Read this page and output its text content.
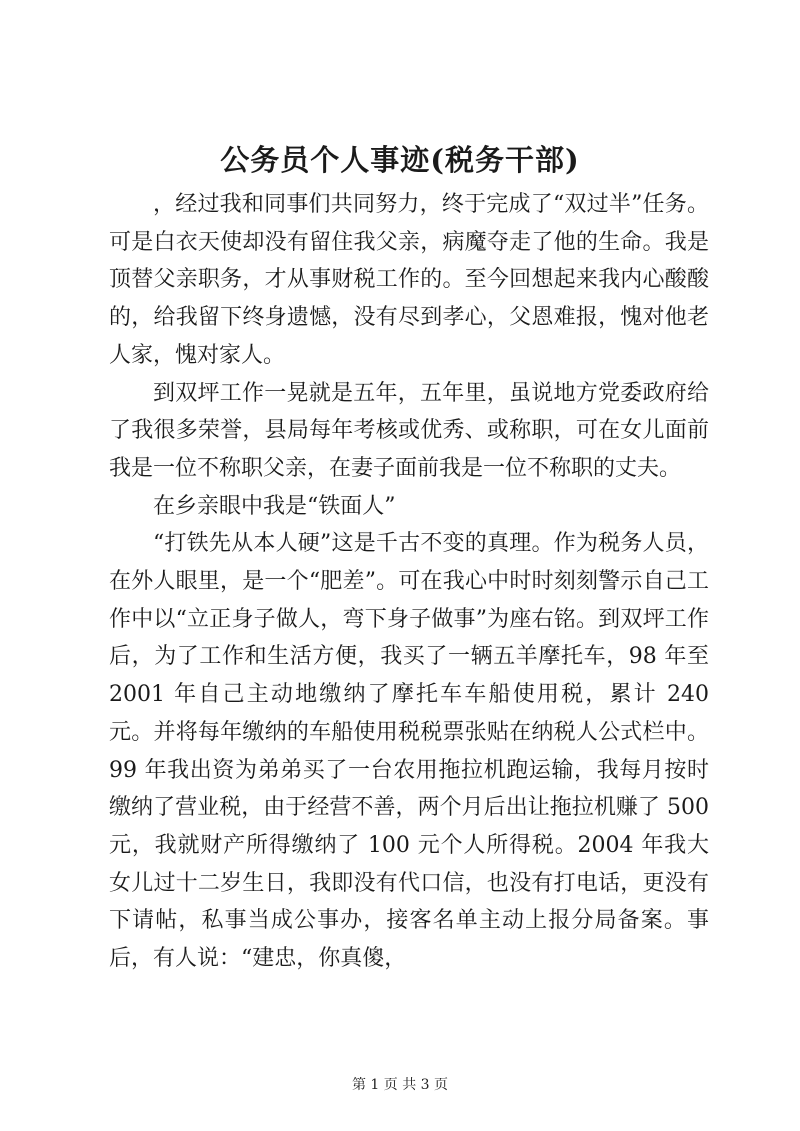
公务员个人事迹(税务干部)

，经过我和同事们共同努力，终于完成了“双过半”任务。可是白衣天使却没有留住我父亲，病魔夺走了他的生命。我是顶替父亲职务，才从事财税工作的。至今回想起来我内心酸酸的，给我留下终身遗憾，没有尽到孝心，父恩难报，愧对他老人家，愧对家人。

到双坪工作一晃就是五年，五年里，虽说地方党委政府给了我很多荣誉，县局每年考核或优秀、或称职，可在女儿面前我是一位不称职父亲，在妻子面前我是一位不称职的丈夫。

在乡亲眼中我是“铁面人”

“打铁先从本人硬”这是千古不变的真理。作为税务人员，在外人眼里，是一个“肥差”。可在我心中时时刻刻警示自己工作中以“立正身子做人，弯下身子做事”为座右铭。到双坪工作后，为了工作和生活方便，我买了一辆五羊摩托车，98 年至 2001 年自己主动地缴纳了摩托车车船使用税，累计 240 元。并将每年缴纳的车船使用税税票张贴在纳税人公式栏中。99 年我出资为弟弟买了一台农用拖拉机跑运输，我每月按时缴纳了营业税，由于经营不善，两个月后出让拖拉机赚了 500 元，我就财产所得缴纳了 100 元个人所得税。2004 年我大女儿过十二岁生日，我即没有代口信，也没有打电话，更没有下请帖，私事当成公事办，接客名单主动上报分局备案。事后，有人说：“建忠，你真傻，

第 1 页 共 3 页
